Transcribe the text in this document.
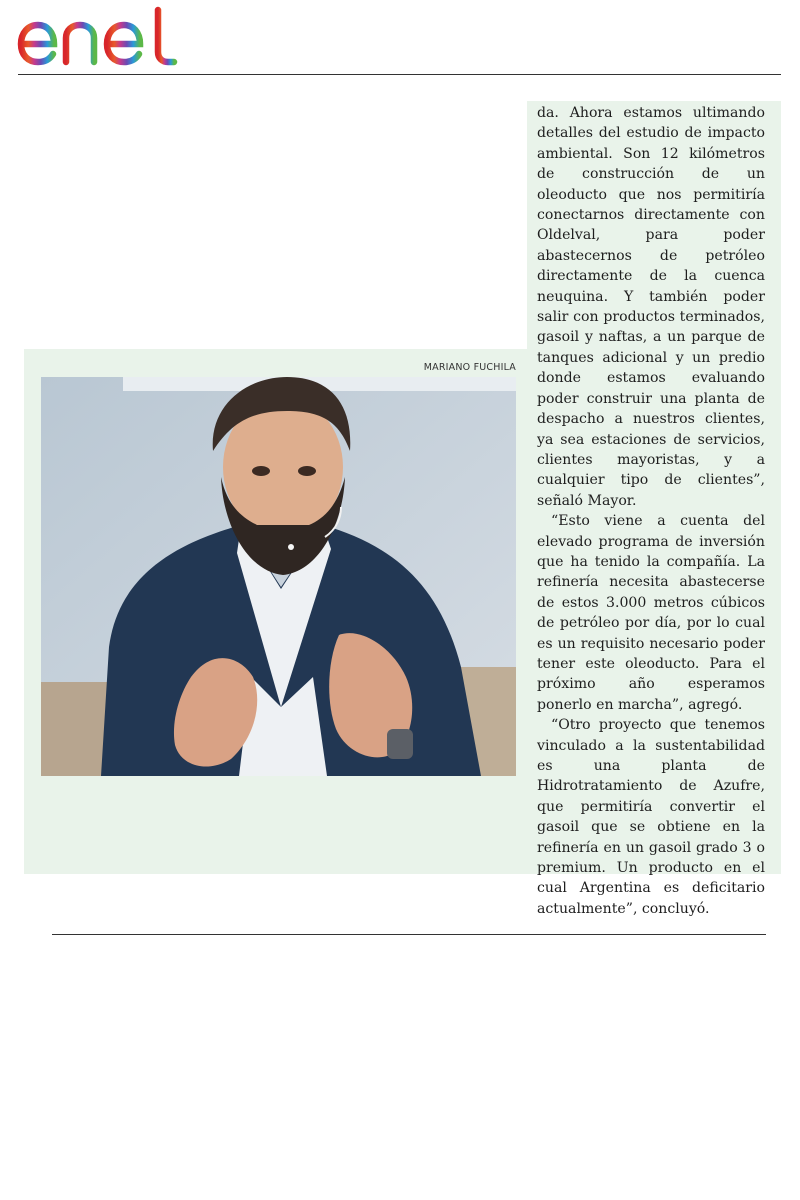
MARIANO FUCHILA

da. Ahora estamos ultimando detalles del estudio de impacto ambiental. Son 12 kilómetros de construcción de un oleoducto que nos permitiría conectarnos directamente con Oldelval, para poder abastecernos de petróleo directamente de la cuenca neuquina. Y también poder salir con productos terminados, gasoil y naftas, a un parque de tanques adicional y un predio donde estamos evaluando poder construir una planta de despacho a nuestros clientes, ya sea estaciones de servicios, clientes mayoristas, y a cualquier tipo de clientes”, señaló Mayor.

“Esto viene a cuenta del elevado programa de inversión que ha tenido la compañía. La refinería necesita abastecerse de estos 3.000 metros cúbicos de petróleo por día, por lo cual es un requisito necesario poder tener este oleoducto. Para el próximo año esperamos ponerlo en marcha”, agregó.

“Otro proyecto que tenemos vinculado a la sustentabilidad es una planta de Hidrotratamiento de Azufre, que permitiría convertir el gasoil que se obtiene en la refinería en un gasoil grado 3 o premium. Un producto en el cual Argentina es deficitario actualmente”, concluyó.
